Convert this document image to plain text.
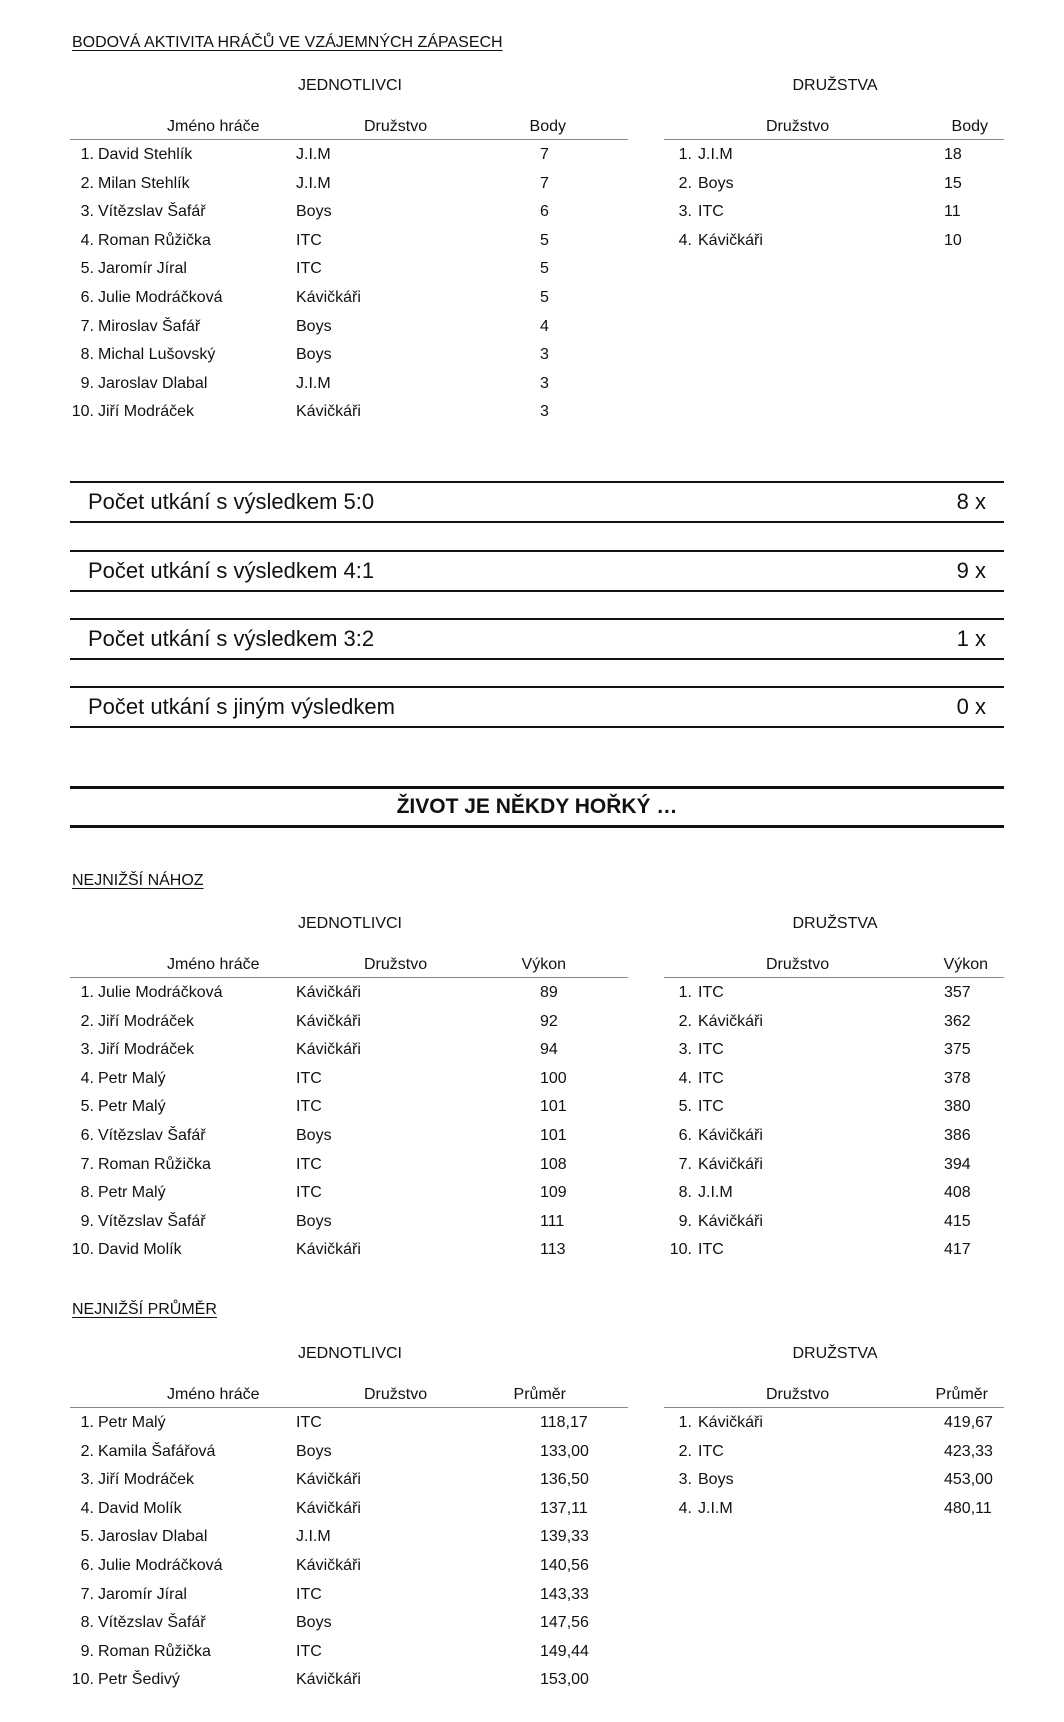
BODOVÁ AKTIVITA HRÁČŮ VE VZÁJEMNÝCH ZÁPASECH
JEDNOTLIVCI	DRUŽSTVA
Jméno hráče	Družstvo	Body
1. David Stehlík	J.I.M	7
2. Milan Stehlík	J.I.M	7
3. Vítězslav Šafář	Boys	6
4. Roman Růžička	ITC	5
5. Jaromír Jíral	ITC	5
6. Julie Modráčková	Kávičkáři	5
7. Miroslav Šafář	Boys	4
8. Michal Lušovský	Boys	3
9. Jaroslav Dlabal	J.I.M	3
10. Jiří Modráček	Kávičkáři	3
Družstvo	Body
1. J.I.M	18
2. Boys	15
3. ITC	11
4. Kávičkáři	10
Počet utkání s výsledkem 5:0	8 x
Počet utkání s výsledkem 4:1	9 x
Počet utkání s výsledkem 3:2	1 x
Počet utkání s jiným výsledkem	0 x
ŽIVOT JE NĚKDY HOŘKÝ …
NEJNIŽŠÍ NÁHOZ
JEDNOTLIVCI	DRUŽSTVA
Jméno hráče	Družstvo	Výkon
1. Julie Modráčková	Kávičkáři	89
2. Jiří Modráček	Kávičkáři	92
3. Jiří Modráček	Kávičkáři	94
4. Petr Malý	ITC	100
5. Petr Malý	ITC	101
6. Vítězslav Šafář	Boys	101
7. Roman Růžička	ITC	108
8. Petr Malý	ITC	109
9. Vítězslav Šafář	Boys	111
10. David Molík	Kávičkáři	113
Družstvo	Výkon
1. ITC	357
2. Kávičkáři	362
3. ITC	375
4. ITC	378
5. ITC	380
6. Kávičkáři	386
7. Kávičkáři	394
8. J.I.M	408
9. Kávičkáři	415
10. ITC	417
NEJNIŽŠÍ PRŮMĚR
JEDNOTLIVCI	DRUŽSTVA
Jméno hráče	Družstvo	Průměr
1. Petr Malý	ITC	118,17
2. Kamila Šafářová	Boys	133,00
3. Jiří Modráček	Kávičkáři	136,50
4. David Molík	Kávičkáři	137,11
5. Jaroslav Dlabal	J.I.M	139,33
6. Julie Modráčková	Kávičkáři	140,56
7. Jaromír Jíral	ITC	143,33
8. Vítězslav Šafář	Boys	147,56
9. Roman Růžička	ITC	149,44
10. Petr Šedivý	Kávičkáři	153,00
Družstvo	Průměr
1. Kávičkáři	419,67
2. ITC	423,33
3. Boys	453,00
4. J.I.M	480,11
